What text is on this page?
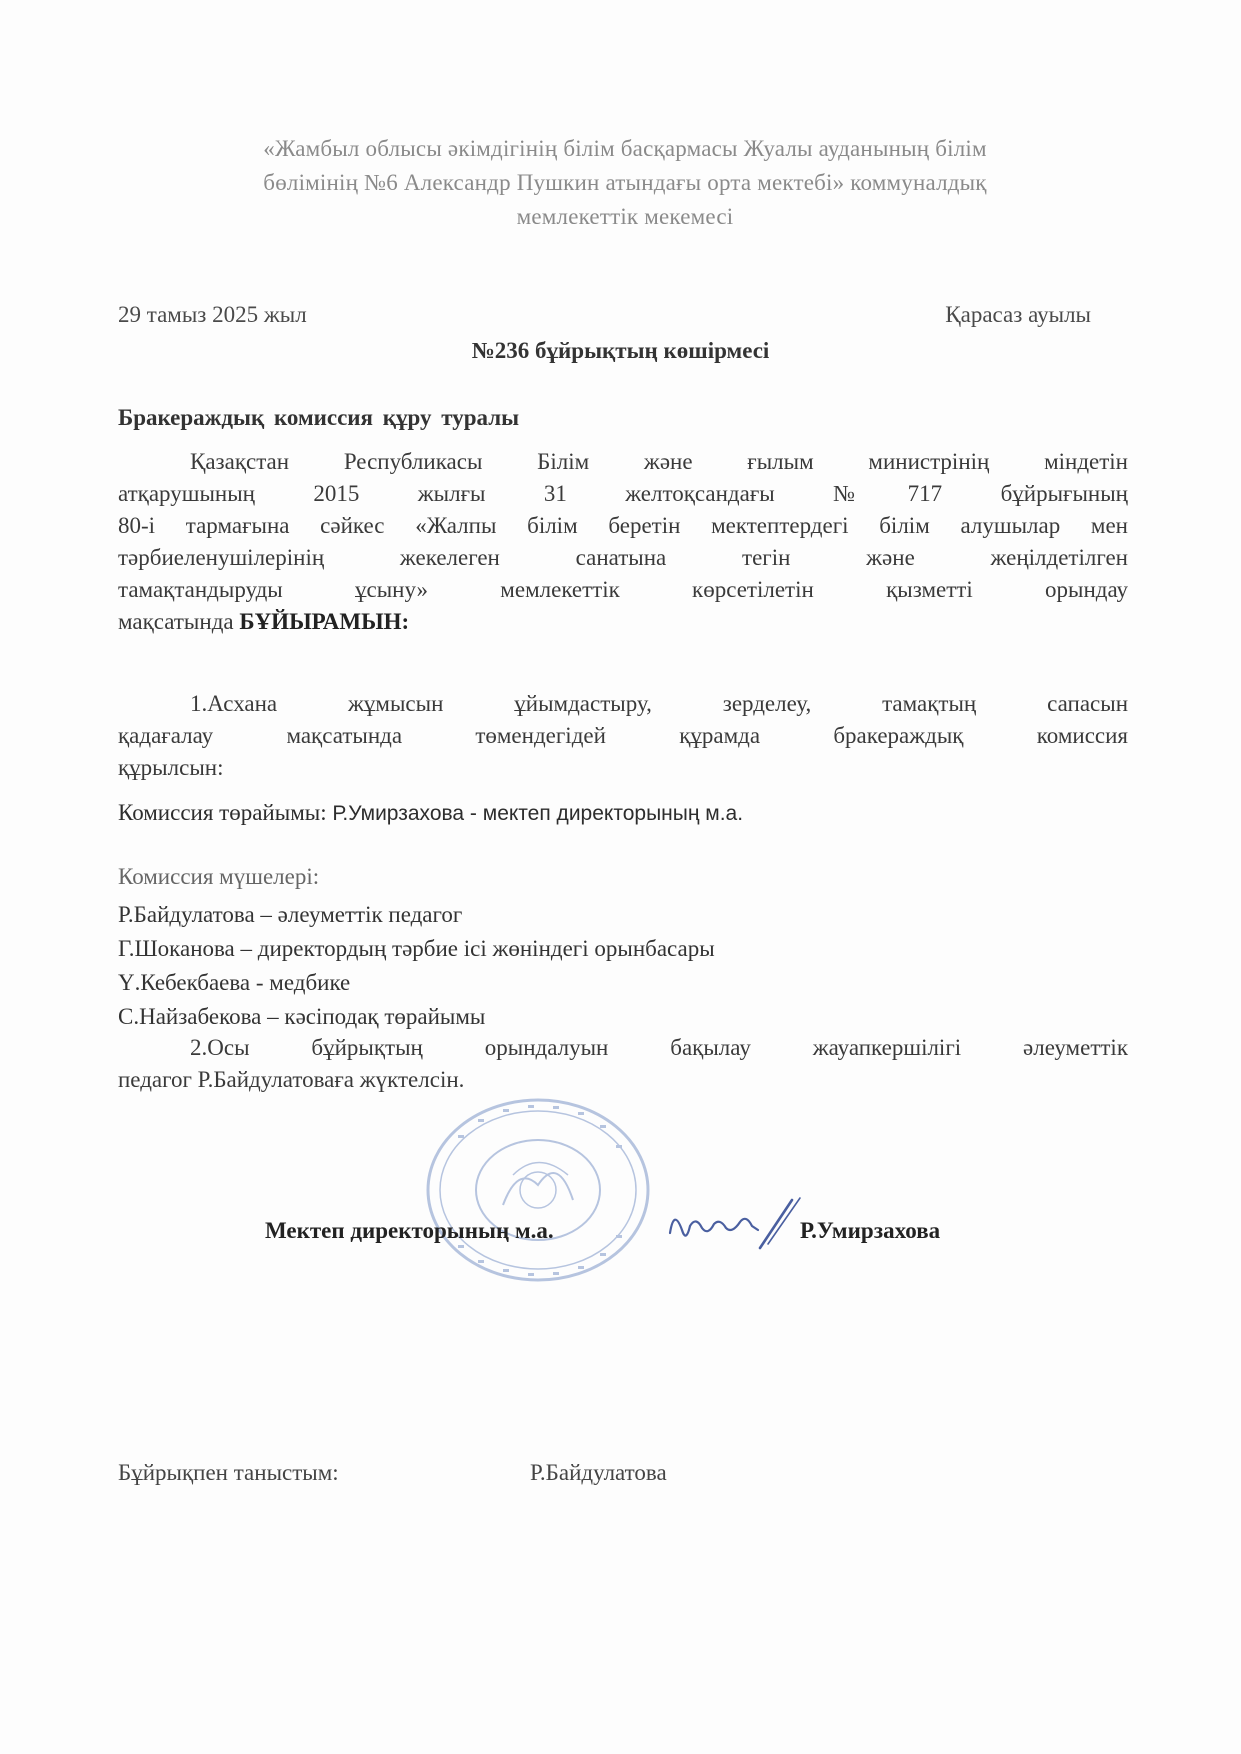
«Жамбыл облысы әкімдігінің білім басқармасы Жуалы ауданының білім
бөлімінің №6 Александр Пушкин атындағы орта мектебі» коммуналдық
мемлекеттік мекемесі
29 тамыз 2025 жыл	Қарасаз ауылы
№236 бұйрықтың көшірмесі
Бракераждық комиссия құру туралы
Қазақстан Республикасы Білім және ғылым министрінің міндетін
атқарушының 2015 жылғы 31 желтоқсандағы №717 бұйрығының
80-і тармағына сәйкес «Жалпы білім беретін мектептердегі білім алушылар мен
тәрбиеленушілерінің жекелеген санатына тегін және жеңілдетілген
тамақтандыруды ұсыну» мемлекеттік көрсетілетін қызметті орындау
мақсатында БҰЙЫРАМЫН:
1.Асхана жұмысын ұйымдастыру, зерделеу, тамақтың сапасын
қадағалау мақсатында төмендегідей құрамда бракераждық комиссия
құрылсын:
Комиссия төрайымы: Р.Умирзахова - мектеп директорының м.а.
Комиссия мүшелері:
Р.Байдулатова – әлеуметтік педагог
Г.Шоканова – директордың тәрбие ісі жөніндегі орынбасары
Ү.Кебекбаева - медбике
С.Найзабекова – кәсіподақ төрайымы
2.Осы бұйрықтың орындалуын бақылау жауапкершілігі әлеуметтік
педагог Р.Байдулатоваға жүктелсін.
Мектеп директорының м.а.	Р.Умирзахова
Бұйрықпен таныстым:	Р.Байдулатова
